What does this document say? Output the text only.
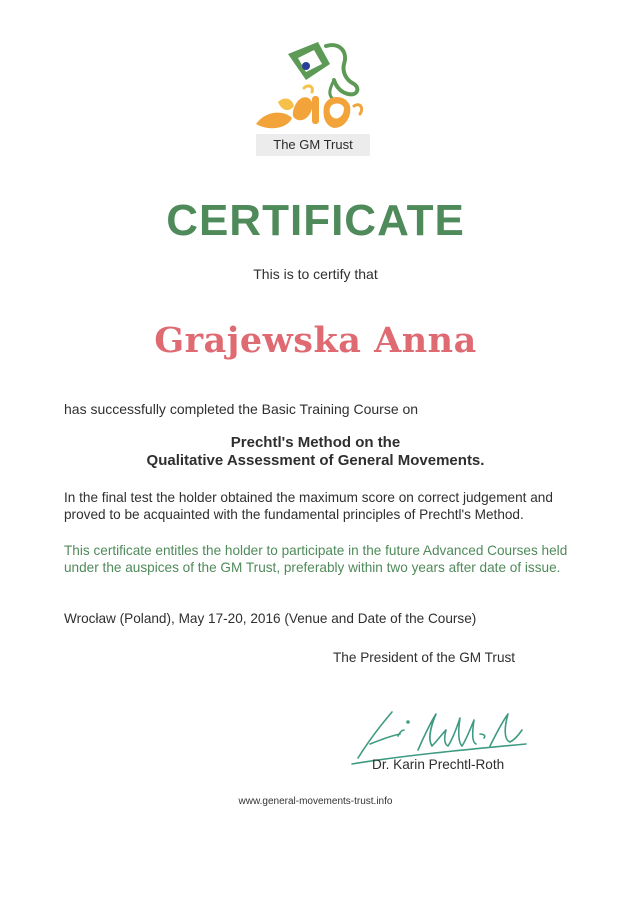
The GM Trust
CERTIFICATE
This is to certify that
Grajewska Anna
has successfully completed the Basic Training Course on
Prechtl's Method on the
Qualitative Assessment of General Movements.
In the final test the holder obtained the maximum score on correct judgement and proved to be acquainted with the fundamental principles of Prechtl's Method.
This certificate entitles the holder to participate in the future Advanced Courses held under the auspices of the GM Trust, preferably within two years after date of issue.
Wrocław (Poland), May 17-20, 2016 (Venue and Date of the Course)
The President of the GM Trust
Dr. Karin Prechtl-Roth
www.general-movements-trust.info
